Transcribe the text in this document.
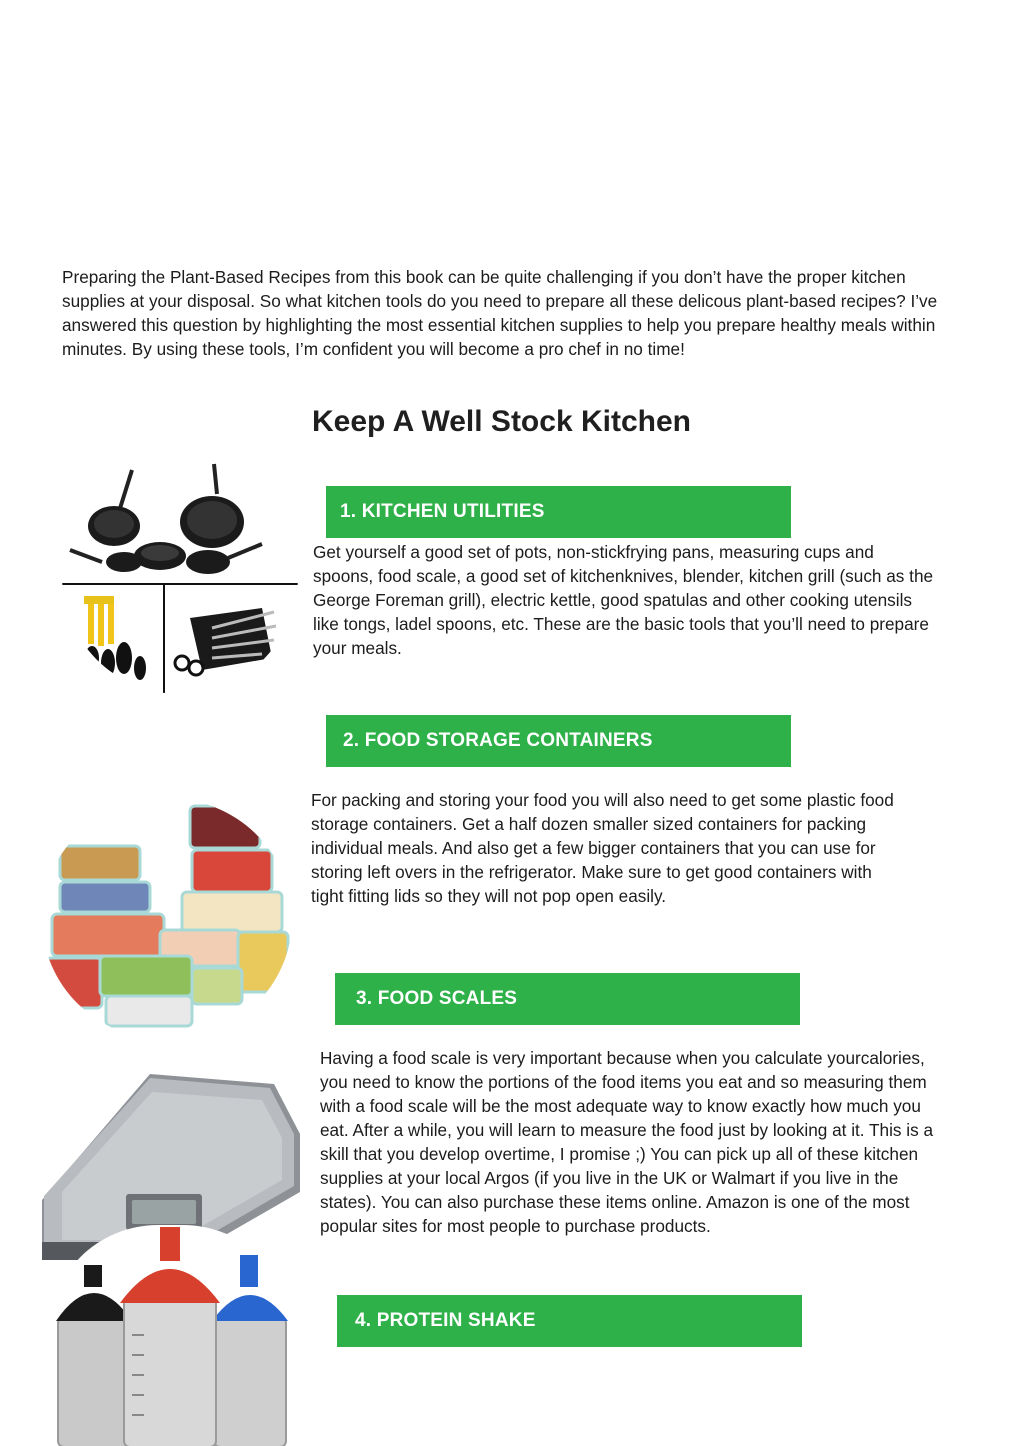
Preparing the Plant-Based Recipes from this book can be quite challenging if you don’t have the proper kitchen supplies at your disposal. So what kitchen tools do you need to prepare all these delicous plant-based recipes? I’ve answered this question by highlighting the most essential kitchen supplies to help you prepare healthy meals within minutes. By using these tools, I’m confident you will become a pro chef in no time!
Keep A Well Stock Kitchen
1. KITCHEN UTILITIES
Get yourself a good set of pots, non-stickfrying pans, measuring cups and spoons, food scale, a good set of kitchenknives, blender, kitchen grill (such as the George Foreman grill), electric kettle, good spatulas and other cooking utensils like tongs, ladel spoons, etc. These are the basic tools that you’ll need to prepare your meals.
2. FOOD STORAGE CONTAINERS
For packing and storing your food you will also need to get some plastic food storage containers. Get a half dozen smaller sized containers for packing individual meals. And also get a few bigger containers that you can use for storing left overs in the refrigerator. Make sure to get good containers with tight fitting lids so they will not pop open easily.
3. FOOD SCALES
Having a food scale is very important because when you calculate yourcalories, you need to know the portions of the food items you eat and so measuring them with a food scale will be the most adequate way to know exactly how much you eat. After a while, you will learn to measure the food just by looking at it. This is a skill that you develop overtime, I promise ;) You can pick up all of these kitchen supplies at your local Argos (if you live in the UK or Walmart if you live in the states). You can also purchase these items online. Amazon is one of the most popular sites for most people to purchase products.
4. PROTEIN SHAKE
